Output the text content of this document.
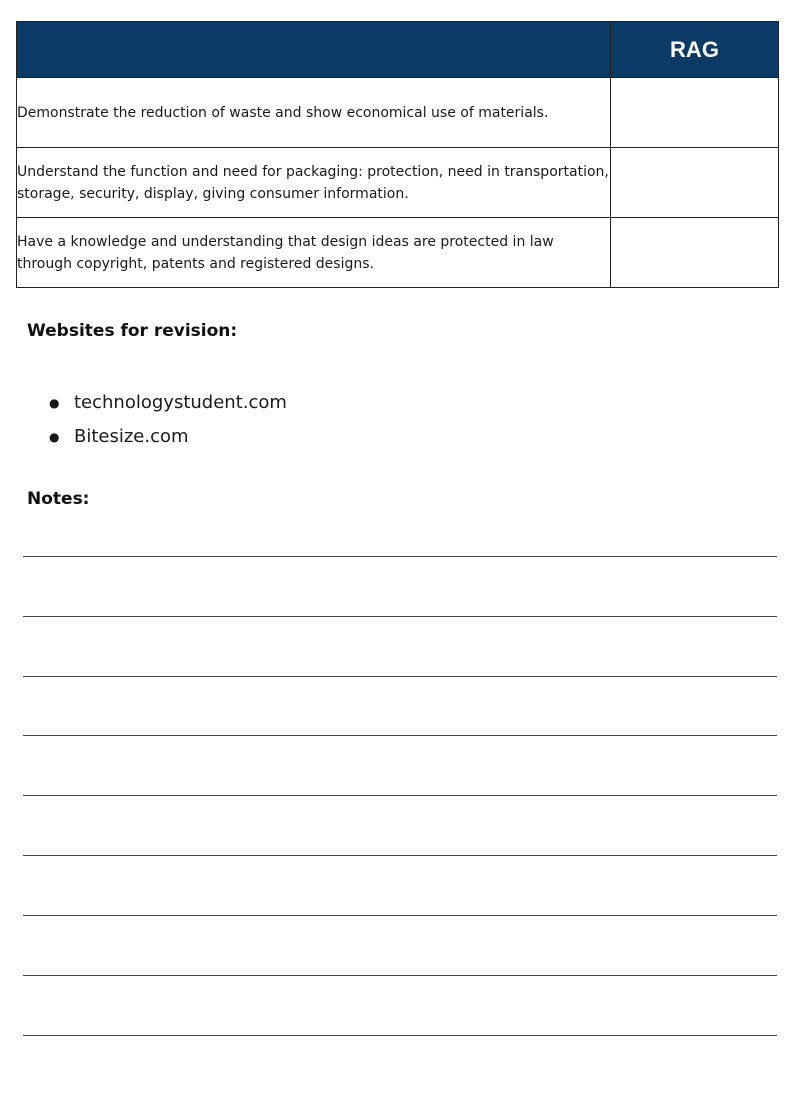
	RAG
Demonstrate the reduction of waste and show economical use of materials.	
Understand the function and need for packaging: protection, need in transportation, storage, security, display, giving consumer information.	
Have a knowledge and understanding that design ideas are protected in law through copyright, patents and registered designs.	
Websites for revision:
● technologystudent.com
● Bitesize.com
Notes:
